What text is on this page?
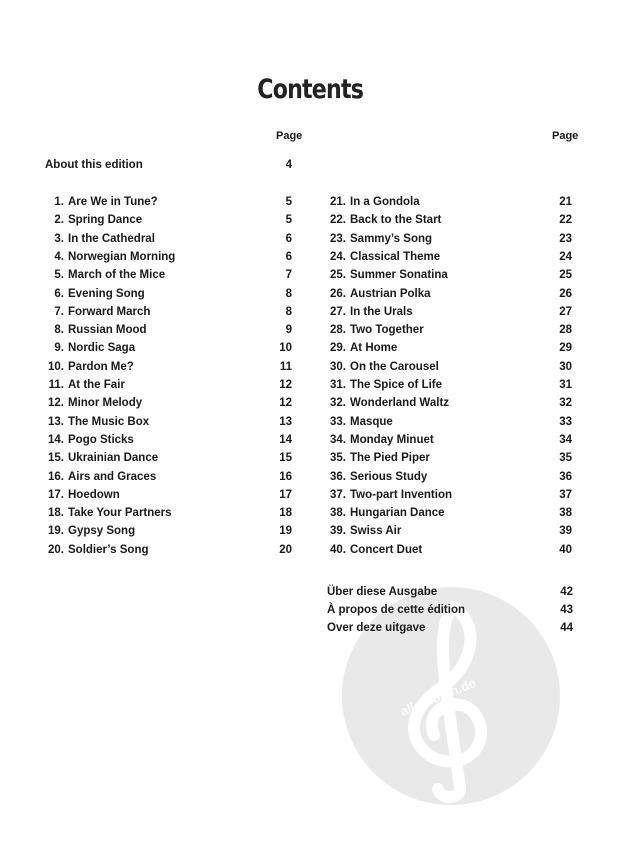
alle-noten.de
Contents
Page	Page
About this edition	4
1. Are We in Tune?	5
2. Spring Dance	5
3. In the Cathedral	6
4. Norwegian Morning	6
5. March of the Mice	7
6. Evening Song	8
7. Forward March	8
8. Russian Mood	9
9. Nordic Saga	10
10. Pardon Me?	11
11. At the Fair	12
12. Minor Melody	12
13. The Music Box	13
14. Pogo Sticks	14
15. Ukrainian Dance	15
16. Airs and Graces	16
17. Hoedown	17
18. Take Your Partners	18
19. Gypsy Song	19
20. Soldier’s Song	20
21. In a Gondola	21
22. Back to the Start	22
23. Sammy’s Song	23
24. Classical Theme	24
25. Summer Sonatina	25
26. Austrian Polka	26
27. In the Urals	27
28. Two Together	28
29. At Home	29
30. On the Carousel	30
31. The Spice of Life	31
32. Wonderland Waltz	32
33. Masque	33
34. Monday Minuet	34
35. The Pied Piper	35
36. Serious Study	36
37. Two-part Invention	37
38. Hungarian Dance	38
39. Swiss Air	39
40. Concert Duet	40
Über diese Ausgabe	42
À propos de cette édition	43
Over deze uitgave	44
